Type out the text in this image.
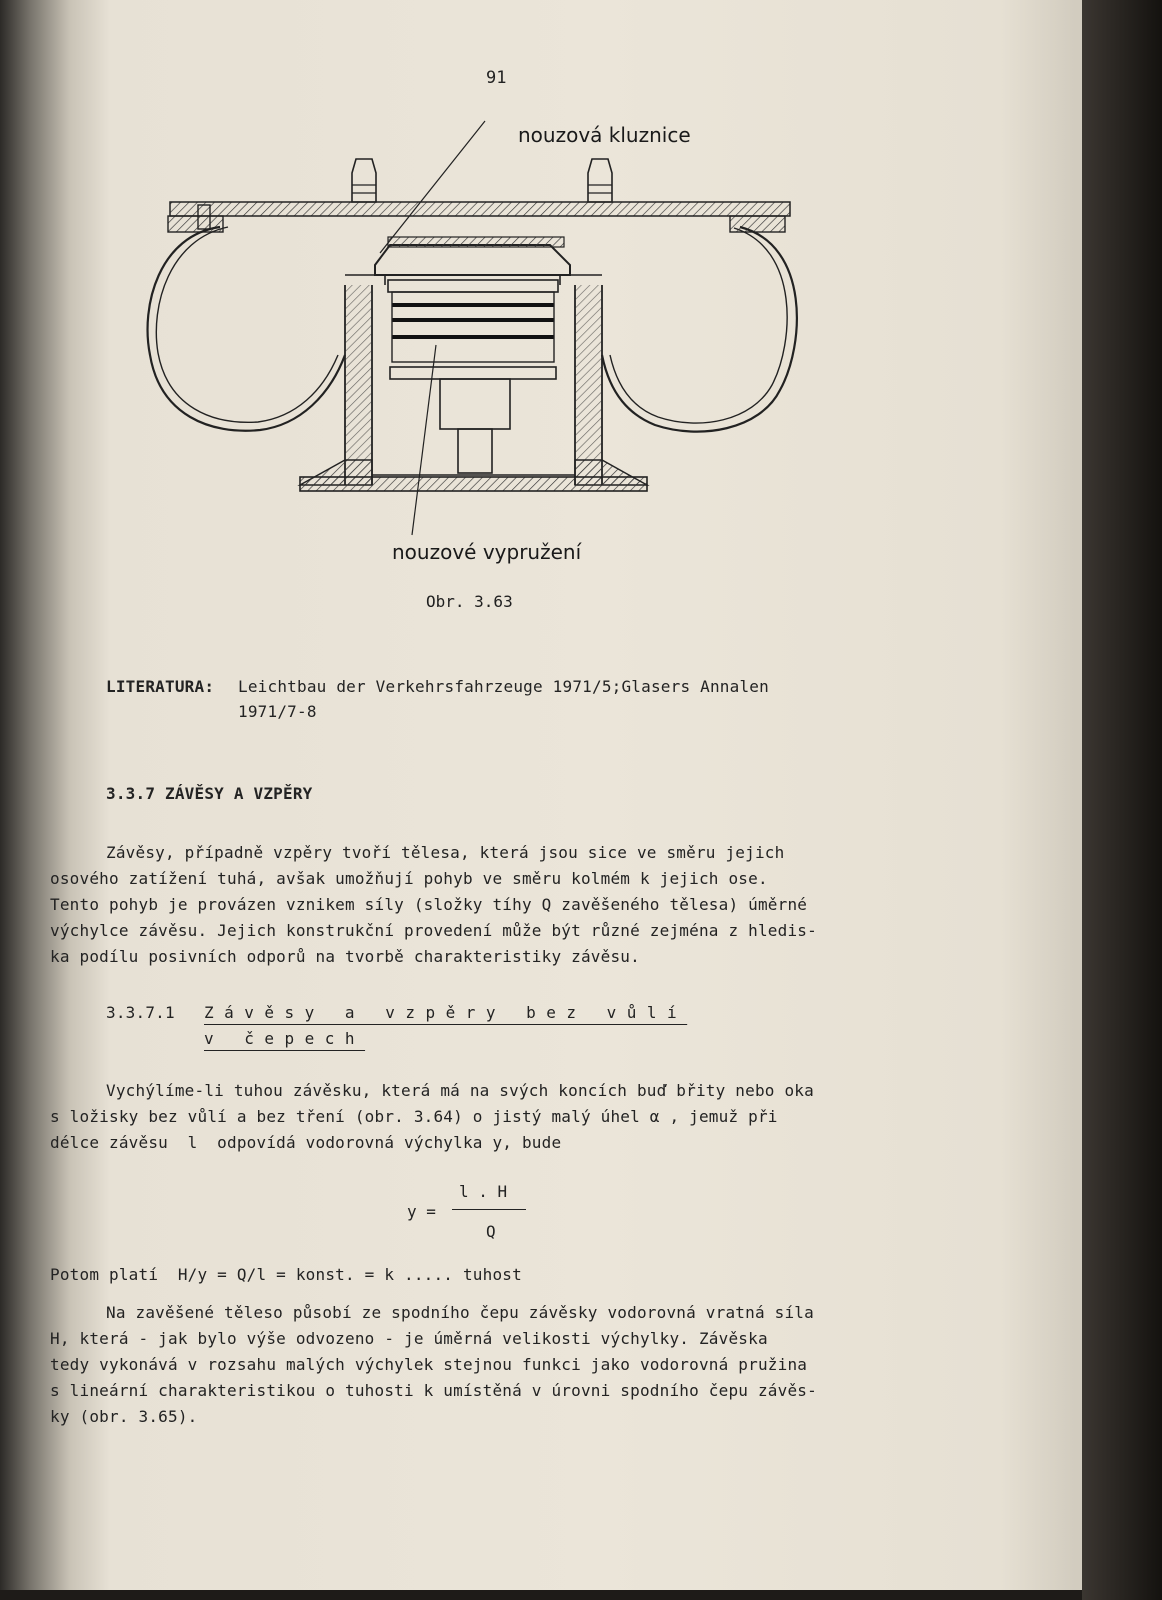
91
nouzová kluznice
nouzové vypružení
Obr. 3.63
LITERATURA: Leichtbau der Verkehrsfahrzeuge 1971/5;Glasers Annalen
1971/7-8
3.3.7 ZÁVĚSY A VZPĚRY
Závěsy, případně vzpěry tvoří tělesa, která jsou sice ve směru jejich
osového zatížení tuhá, avšak umožňují pohyb ve směru kolmém k jejich ose.
Tento pohyb je provázen vznikem síly (složky tíhy Q zavěšeného tělesa) úměrné
výchylce závěsu. Jejich konstrukční provedení může být různé zejména z hledis-
ka podílu posivních odporů na tvorbě charakteristiky závěsu.
3.3.7.1 Závěsy a vzpěry bez vůlí
v čepech
Vychýlíme-li tuhou závěsku, která má na svých koncích buď břity nebo oka
s ložisky bez vůlí a bez tření (obr. 3.64) o jistý malý úhel α , jemuž při
délce závěsu  l  odpovídá vodorovná výchylka y, bude
y =
l . H
Q
Potom platí  H/y = Q/l = konst. = k ..... tuhost
Na zavěšené těleso působí ze spodního čepu závěsky vodorovná vratná síla
H, která - jak bylo výše odvozeno - je úměrná velikosti výchylky. Závěska
tedy vykonává v rozsahu malých výchylek stejnou funkci jako vodorovná pružina
s lineární charakteristikou o tuhosti k umístěná v úrovni spodního čepu závěs-
ky (obr. 3.65).
